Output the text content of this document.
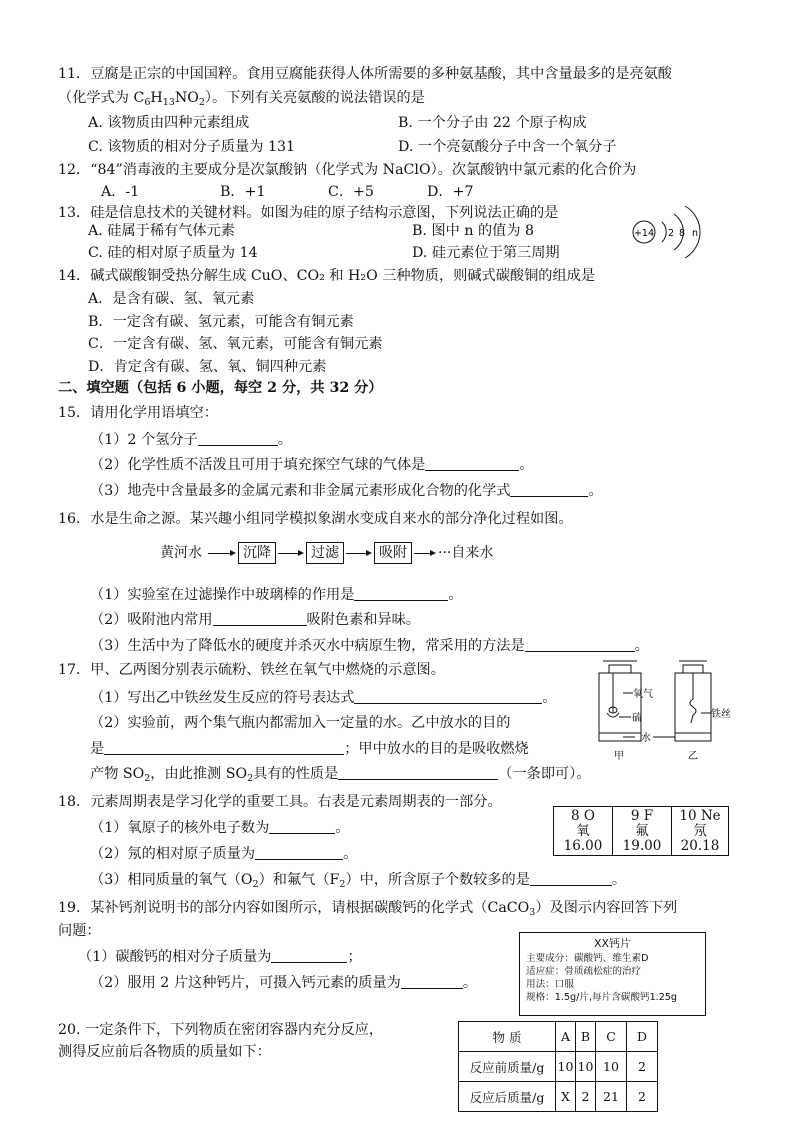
11．豆腐是正宗的中国国粹。食用豆腐能获得人体所需要的多种氨基酸，其中含量最多的是亮氨酸
（化学式为 $C_6H_{13}NO_2$）。下列有关亮氨酸的说法错误的是
A. 该物质由四种元素组成	B. 一个分子由 22 个原子构成
C. 该物质的相对分子质量为 131	D. 一个亮氨酸分子中含一个氧分子
12．“84”消毒液的主要成分是次氯酸钠（化学式为 NaClO）。次氯酸钠中氯元素的化合价为
A．-1	B．+1	C．+5	D．+7
13．硅是信息技术的关键材料。如图为硅的原子结构示意图，下列说法正确的是
A. 硅属于稀有气体元素	B. 图中 n 的值为 8
C. 硅的相对原子质量为 14	D. 硅元素位于第三周期
+14 2 8 n
14．碱式碳酸铜受热分解生成 CuO、CO₂ 和 H₂O 三种物质，则碱式碳酸铜的组成是
A．是含有碳、氢、氧元素
B．一定含有碳、氢元素，可能含有铜元素
C．一定含有碳、氢、氧元素，可能含有铜元素
D．肯定含有碳、氢、氧、铜四种元素
二、填空题（包括 6 小题，每空 2 分，共 32 分）
15．请用化学用语填空：
（1）2 个氢分子	。
（2）化学性质不活泼且可用于填充探空气球的气体是	。
（3）地壳中含量最多的金属元素和非金属元素形成化合物的化学式	。
16．水是生命之源。某兴趣小组同学模拟象湖水变成自来水的部分净化过程如图。
黄河水	沉降	过滤	吸附	···自来水
（1）实验室在过滤操作中玻璃棒的作用是	。
（2）吸附池内常用	吸附色素和异味。
（3）生活中为了降低水的硬度并杀灭水中病原生物，常采用的方法是	。
17．甲、乙两图分别表示硫粉、铁丝在氧气中燃烧的示意图。
（1）写出乙中铁丝发生反应的符号表达式	。
（2）实验前，两个集气瓶内都需加入一定量的水。乙中放水的目的
是	；甲中放水的目的是吸收燃烧
产物 $SO_2$，由此推测 $SO_2$具有的性质是	（一条即可）。
氧气
硫
水
甲
铁丝
乙
18．元素周期表是学习化学的重要工具。右表是元素周期表的一部分。
（1）氧原子的核外电子数为	。
（2）氖的相对原子质量为	。
（3）相同质量的氧气$(O_2)$和氟气$(F_2)$中，所含原子个数较多的是	。
8 O
氧
16.00

9 F
氟
19.00

10 Ne
氖
20.18
19．某补钙剂说明书的部分内容如图所示，请根据碳酸钙的化学式（CaCO$_3$）及图示内容回答下列
问题：
（1）碳酸钙的相对分子质量为	；
（2）服用 2 片这种钙片，可摄入钙元素的质量为	。
XX钙片
主要成分：碳酸钙、维生素D
适应症：骨质疏松症的治疗
用法：口服
规格：1.5g/片,每片含碳酸钙1.25g
20. 一定条件下，下列物质在密闭容器内充分反应，
测得反应前后各物质的质量如下：
物 质	A	B	C	D
反应前质量/g	10	10	10	2
反应后质量/g	X	2	21	2
